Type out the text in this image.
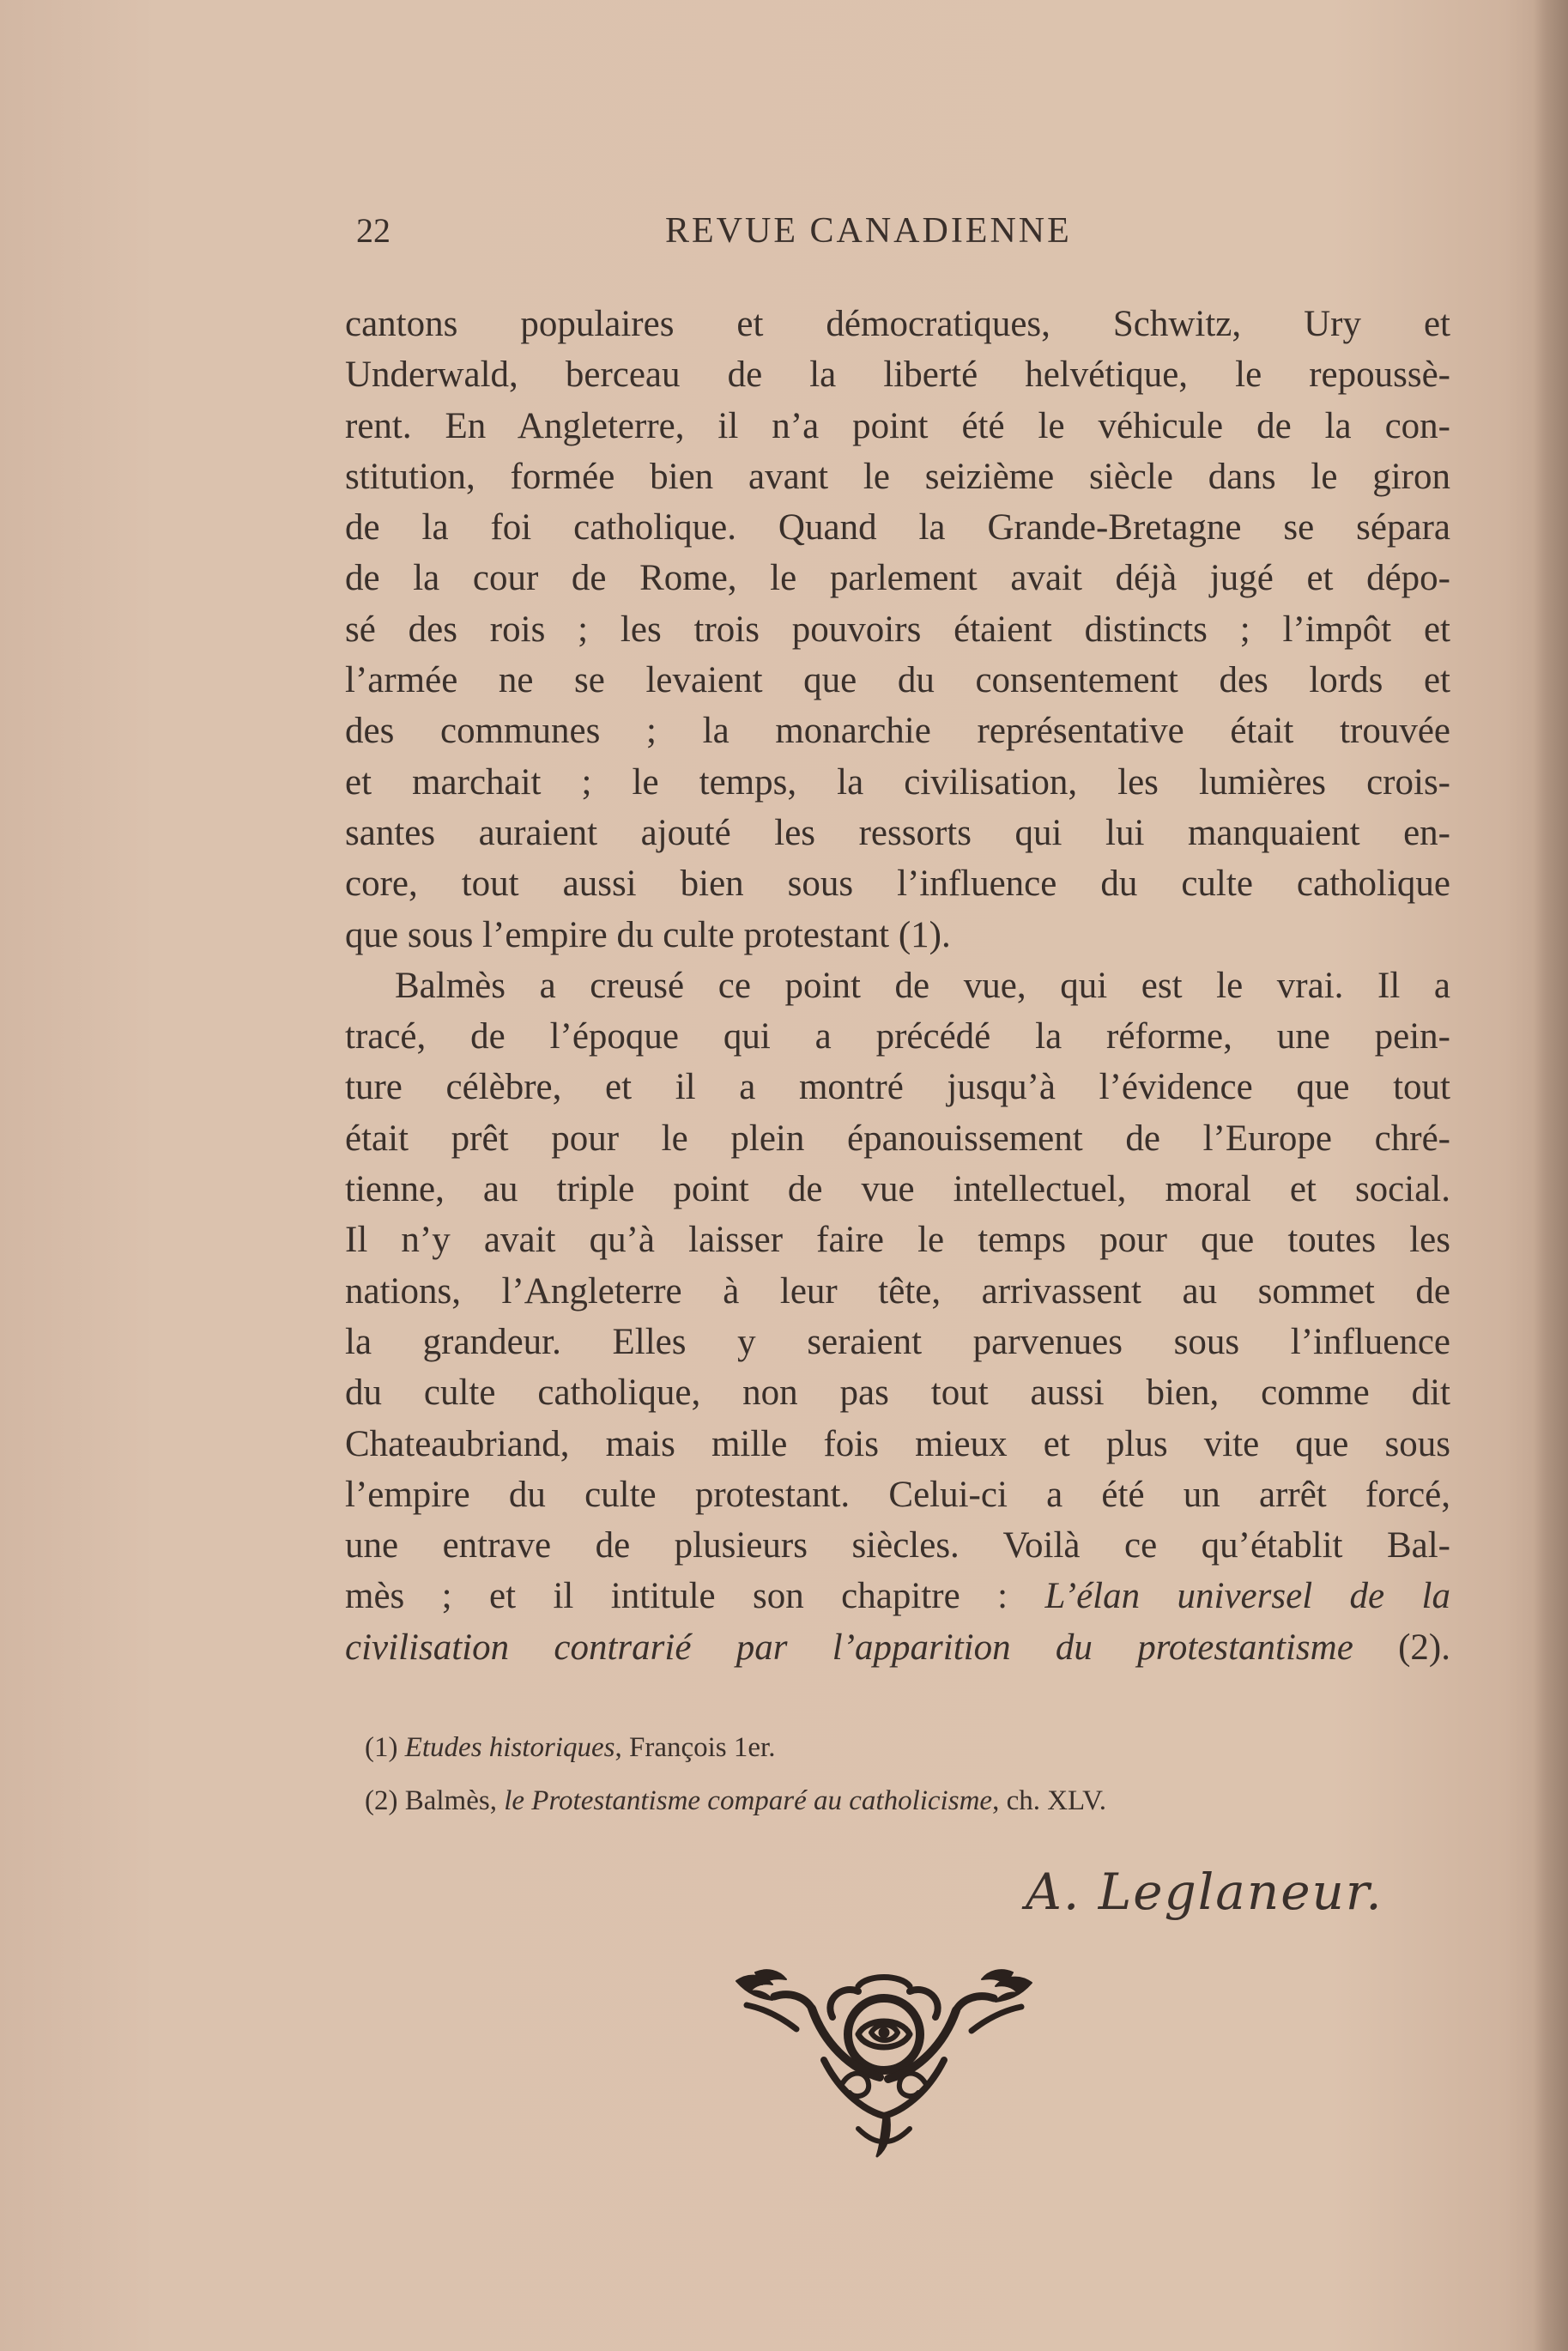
22	REVUE CANADIENNE
cantons populaires et démocratiques, Schwitz, Ury et
Underwald, berceau de la liberté helvétique, le repoussè-
rent. En Angleterre, il n’a point été le véhicule de la con-
stitution, formée bien avant le seizième siècle dans le giron
de la foi catholique. Quand la Grande-Bretagne se sépara
de la cour de Rome, le parlement avait déjà jugé et dépo-
sé des rois ; les trois pouvoirs étaient distincts ; l’impôt et
l’armée ne se levaient que du consentement des lords et
des communes ; la monarchie représentative était trouvée
et marchait ; le temps, la civilisation, les lumières crois-
santes auraient ajouté les ressorts qui lui manquaient en-
core, tout aussi bien sous l’influence du culte catholique
que sous l’empire du culte protestant (1).
Balmès a creusé ce point de vue, qui est le vrai. Il a
tracé, de l’époque qui a précédé la réforme, une pein-
ture célèbre, et il a montré jusqu’à l’évidence que tout
était prêt pour le plein épanouissement de l’Europe chré-
tienne, au triple point de vue intellectuel, moral et social.
Il n’y avait qu’à laisser faire le temps pour que toutes les
nations, l’Angleterre à leur tête, arrivassent au sommet de
la grandeur. Elles y seraient parvenues sous l’influence
du culte catholique, non pas tout aussi bien, comme dit
Chateaubriand, mais mille fois mieux et plus vite que sous
l’empire du culte protestant. Celui-ci a été un arrêt forcé,
une entrave de plusieurs siècles. Voilà ce qu’établit Bal-
mès ; et il intitule son chapitre : L’élan universel de la
civilisation contrarié par l’apparition du protestantisme (2).
(1) Etudes historiques, François 1er.
(2) Balmès, le Protestantisme comparé au catholicisme, ch. XLV.
A. Leglaneur.
